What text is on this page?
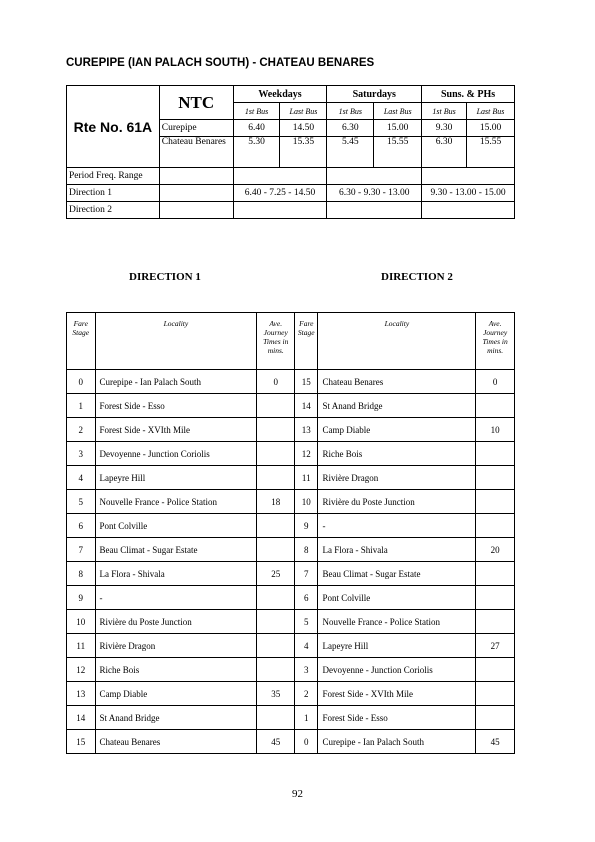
CUREPIPE (IAN PALACH SOUTH) - CHATEAU BENARES
Rte No. 61A	NTC	Weekdays		Saturdays		Suns. & PHs	
		1st Bus	Last Bus	1st Bus	Last Bus	1st Bus	Last Bus
	Curepipe	6.40	14.50	6.30	15.00	9.30	15.00
	Chateau Benares	5.30	15.35	5.45	15.55	6.30	15.55
Period Freq. Range							
Direction 1		6.40 - 7.25 - 14.50		6.30 - 9.30 - 13.00		9.30 - 13.00 - 15.00	
Direction 2							
DIRECTION 1	DIRECTION 2
Fare Stage	Locality	Ave. Journey Times in mins.	Fare Stage	Locality	Ave. Journey Times in mins.
0	Curepipe - Ian Palach South	0	15	Chateau Benares	0
1	Forest Side - Esso		14	St Anand Bridge	
2	Forest Side - XVIth Mile		13	Camp Diable	10
3	Devoyenne - Junction Coriolis		12	Riche Bois	
4	Lapeyre Hill		11	Rivière Dragon	
5	Nouvelle France - Police Station	18	10	Rivière du Poste Junction	
6	Pont Colville		9	-	
7	Beau Climat - Sugar Estate		8	La Flora - Shivala	20
8	La Flora - Shivala	25	7	Beau Climat - Sugar Estate	
9	-		6	Pont Colville	
10	Rivière du Poste Junction		5	Nouvelle France - Police Station	
11	Rivière Dragon		4	Lapeyre Hill	27
12	Riche Bois		3	Devoyenne - Junction Coriolis	
13	Camp Diable	35	2	Forest Side - XVIth Mile	
14	St Anand Bridge		1	Forest Side - Esso	
15	Chateau Benares	45	0	Curepipe - Ian Palach South	45
92
